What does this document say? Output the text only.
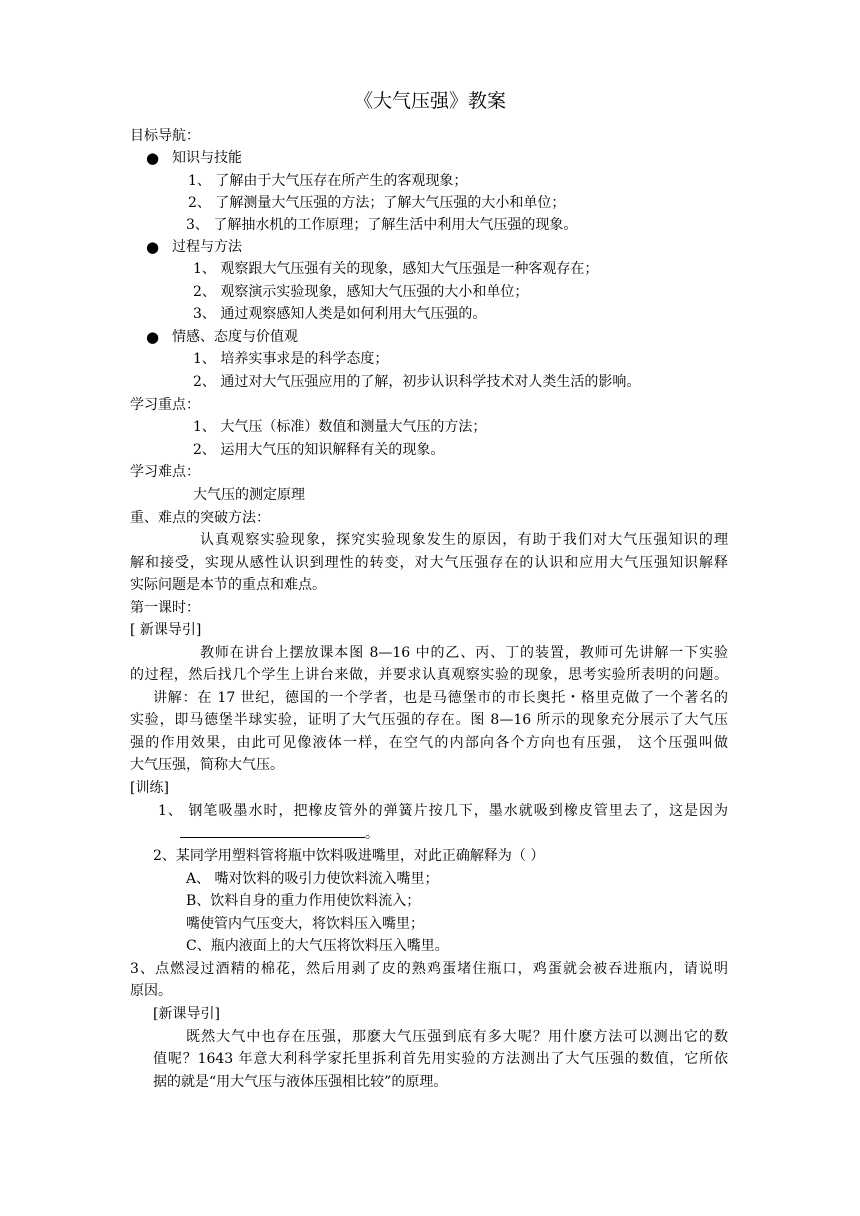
《大气压强》教案
目标导航：
● 知识与技能
1、 了解由于大气压存在所产生的客观现象；
2、 了解测量大气压强的方法；了解大气压强的大小和单位；
3、 了解抽水机的工作原理；了解生活中利用大气压强的现象。
● 过程与方法
1、 观察跟大气压强有关的现象，感知大气压强是一种客观存在；
2、 观察演示实验现象，感知大气压强的大小和单位；
3、 通过观察感知人类是如何利用大气压强的。
● 情感、态度与价值观
1、 培养实事求是的科学态度；
2、 通过对大气压强应用的了解，初步认识科学技术对人类生活的影响。
学习重点：
1、 大气压（标准）数值和测量大气压的方法；
2、 运用大气压的知识解释有关的现象。
学习难点：
大气压的测定原理
重、难点的突破方法：
认真观察实验现象，探究实验现象发生的原因，有助于我们对大气压强知识的理
解和接受，实现从感性认识到理性的转变，对大气压强存在的认识和应用大气压强知识解释
实际问题是本节的重点和难点。
第一课时：
[ 新课导引]
教师在讲台上摆放课本图 8—16 中的乙、丙、丁的装置，教师可先讲解一下实验
的过程，然后找几个学生上讲台来做，并要求认真观察实验的现象，思考实验所表明的问题。
讲解：在 17 世纪，德国的一个学者，也是马德堡市的市长奥托・格里克做了一个著名的
实验，即马德堡半球实验，证明了大气压强的存在。图 8—16 所示的现象充分展示了大气压
强的作用效果，由此可见像液体一样，在空气的内部向各个方向也有压强， 这个压强叫做
大气压强，简称大气压。
[训练]
1、 钢笔吸墨水时，把橡皮管外的弹簧片按几下，墨水就吸到橡皮管里去了，这是因为
。
2、某同学用塑料管将瓶中饮料吸进嘴里，对此正确解释为（ ）
A、 嘴对饮料的吸引力使饮料流入嘴里；
B、饮料自身的重力作用使饮料流入；
嘴使管内气压变大，将饮料压入嘴里；
C、瓶内液面上的大气压将饮料压入嘴里。
3、点燃浸过酒精的棉花，然后用剥了皮的熟鸡蛋堵住瓶口，鸡蛋就会被吞进瓶内，请说明
原因。
[新课导引]
既然大气中也存在压强，那麽大气压强到底有多大呢？用什麽方法可以测出它的数
值呢？1643 年意大利科学家托里拆利首先用实验的方法测出了大气压强的数值，它所依
据的就是“用大气压与液体压强相比较”的原理。
